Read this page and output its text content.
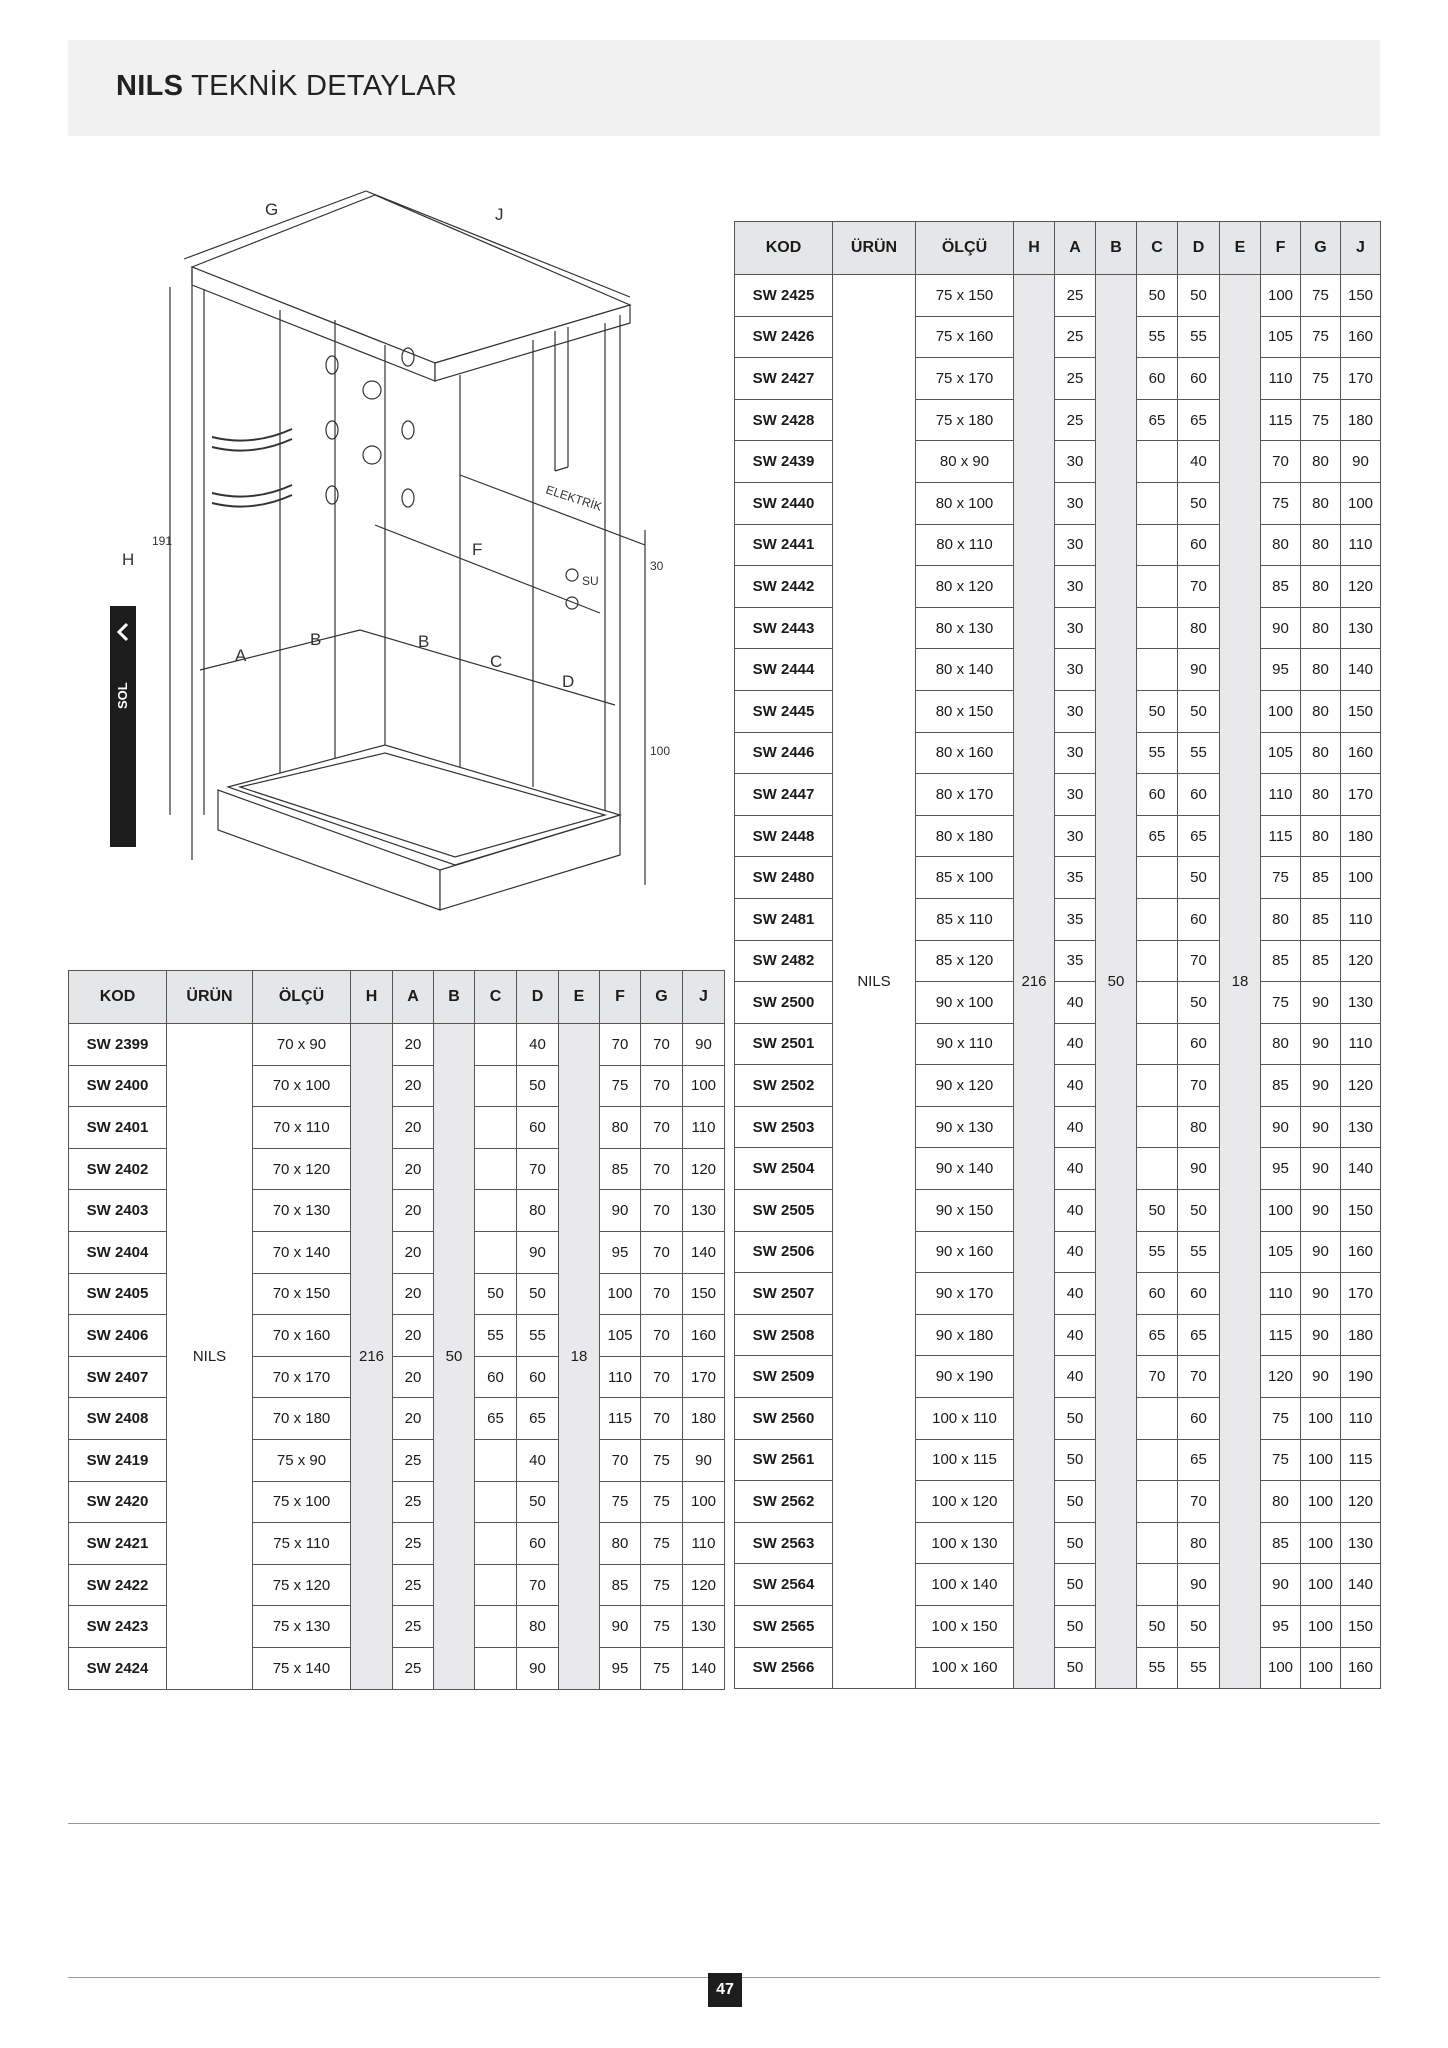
NILS TEKNİK DETAYLAR
G	J
H
191
A
B	B
C
D
F
ELEKTRİK
SU
30
100
SOL
KOD	ÜRÜN	ÖLÇÜ	H	A	B	C	D	E	F	G	J
SW 2399	NILS	70 x 90	216	20	50		40	18	70	70	90
SW 2400		70 x 100		20			50		75	70	100
SW 2401		70 x 110		20			60		80	70	110
SW 2402		70 x 120		20			70		85	70	120
SW 2403		70 x 130		20			80		90	70	130
SW 2404		70 x 140		20			90		95	70	140
SW 2405		70 x 150		20		50	50		100	70	150
SW 2406		70 x 160		20		55	55		105	70	160
SW 2407		70 x 170		20		60	60		110	70	170
SW 2408		70 x 180		20		65	65		115	70	180
SW 2419		75 x 90		25			40		70	75	90
SW 2420		75 x 100		25			50		75	75	100
SW 2421		75 x 110		25			60		80	75	110
SW 2422		75 x 120		25			70		85	75	120
SW 2423		75 x 130		25			80		90	75	130
SW 2424		75 x 140		25			90		95	75	140
KOD	ÜRÜN	ÖLÇÜ	H	A	B	C	D	E	F	G	J
SW 2425	NILS	75 x 150	216	25	50	50	50	18	100	75	150
SW 2426		75 x 160		25		55	55		105	75	160
SW 2427		75 x 170		25		60	60		110	75	170
SW 2428		75 x 180		25		65	65		115	75	180
SW 2439		80 x 90		30			40		70	80	90
SW 2440		80 x 100		30			50		75	80	100
SW 2441		80 x 110		30			60		80	80	110
SW 2442		80 x 120		30			70		85	80	120
SW 2443		80 x 130		30			80		90	80	130
SW 2444		80 x 140		30			90		95	80	140
SW 2445		80 x 150		30		50	50		100	80	150
SW 2446		80 x 160		30		55	55		105	80	160
SW 2447		80 x 170		30		60	60		110	80	170
SW 2448		80 x 180		30		65	65		115	80	180
SW 2480		85 x 100		35			50		75	85	100
SW 2481		85 x 110		35			60		80	85	110
SW 2482		85 x 120		35			70		85	85	120
SW 2500		90 x 100		40			50		75	90	130
SW 2501		90 x 110		40			60		80	90	110
SW 2502		90 x 120		40			70		85	90	120
SW 2503		90 x 130		40			80		90	90	130
SW 2504		90 x 140		40			90		95	90	140
SW 2505		90 x 150		40		50	50		100	90	150
SW 2506		90 x 160		40		55	55		105	90	160
SW 2507		90 x 170		40		60	60		110	90	170
SW 2508		90 x 180		40		65	65		115	90	180
SW 2509		90 x 190		40		70	70		120	90	190
SW 2560		100 x 110		50			60		75	100	110
SW 2561		100 x 115		50			65		75	100	115
SW 2562		100 x 120		50			70		80	100	120
SW 2563		100 x 130		50			80		85	100	130
SW 2564		100 x 140		50			90		90	100	140
SW 2565		100 x 150		50		50	50		95	100	150
SW 2566		100 x 160		50		55	55		100	100	160
47
